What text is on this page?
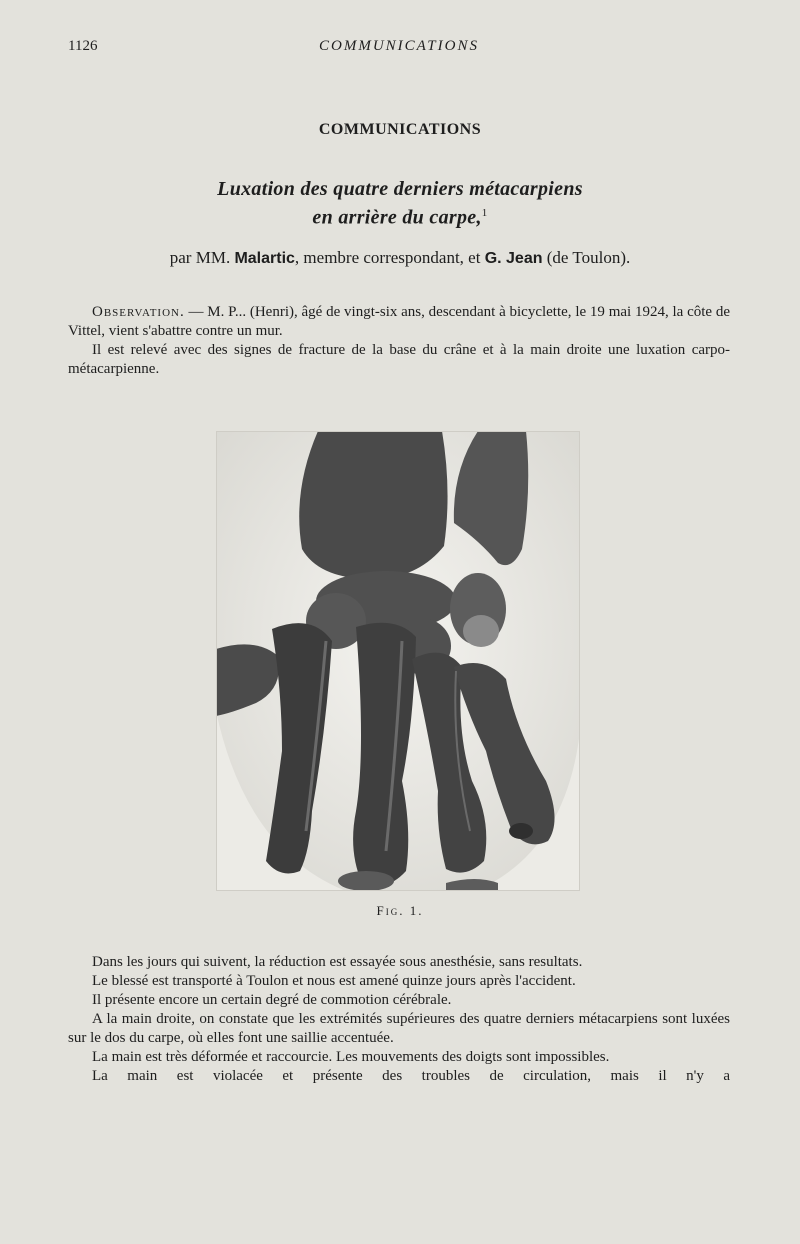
1126	COMMUNICATIONS
COMMUNICATIONS
Luxation des quatre derniers métacarpiens
en arrière du carpe,$^1$
par MM. Malartic, membre correspondant, et G. Jean (de Toulon).

Observation. — M. P... (Henri), âgé de vingt-six ans, descendant à bicyclette, le 19 mai 1924, la côte de Vittel, vient s'abattre contre un mur.

Il est relevé avec des signes de fracture de la base du crâne et à la main droite une luxation carpo-métacarpienne.

Fig. 1.

Dans les jours qui suivent, la réduction est essayée sous anesthésie, sans resultats.

Le blessé est transporté à Toulon et nous est amené quinze jours après l'accident.

Il présente encore un certain degré de commotion cérébrale.

A la main droite, on constate que les extrémités supérieures des quatre derniers métacarpiens sont luxées sur le dos du carpe, où elles font une saillie accentuée.

La main est très déformée et raccourcie. Les mouvements des doigts sont impossibles.

La main est violacée et présente des troubles de circulation, mais il n'y a
